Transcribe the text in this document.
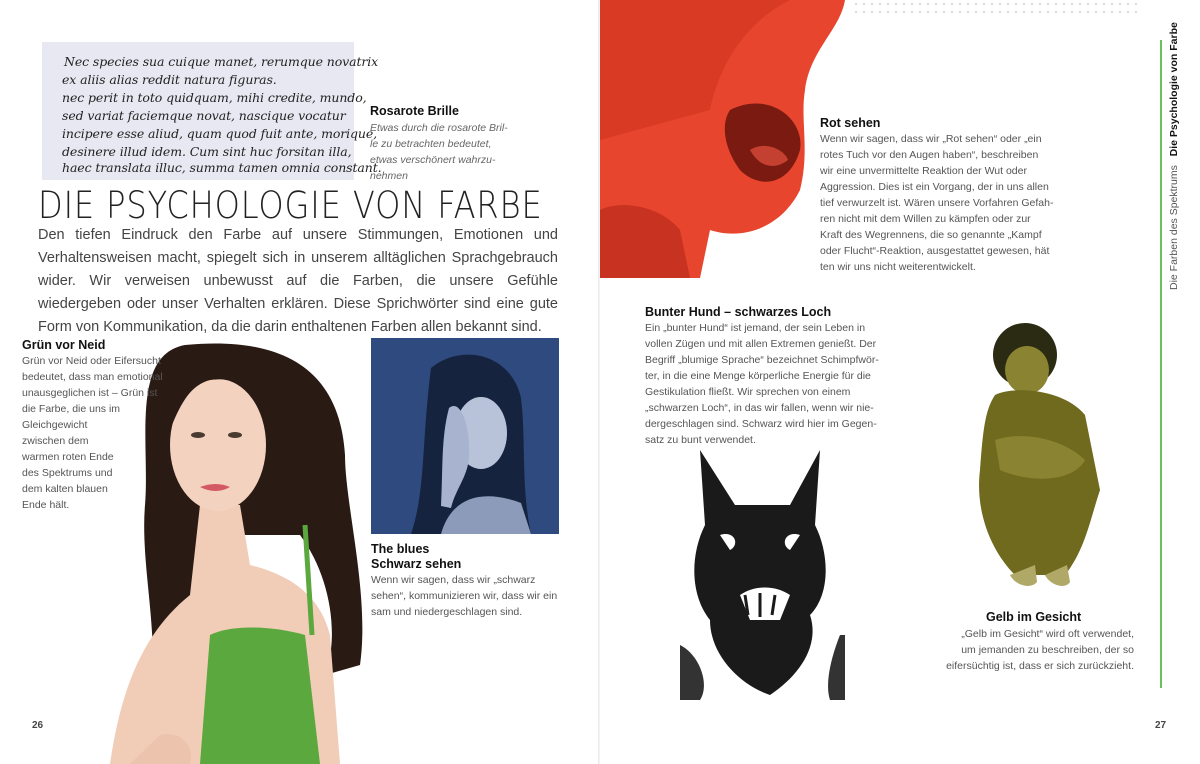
Nec species sua cuique manet, rerumque novatrix
ex aliis alias reddit natura figuras.
nec perit in toto quidquam, mihi credite, mundo,
sed variat faciemque novat, nascique vocatur
incipere esse aliud, quam quod fuit ante, morique,
desinere illud idem. Cum sint huc forsitan illa,
haec translata illuc, summa tamen omnia constant.
DIE PSYCHOLOGIE VON FARBE
Den tiefen Eindruck den Farbe auf unsere Stimmungen, Emotionen und Verhaltensweisen macht, spiegelt sich in unserem alltäglichen Sprachgebrauch wider. Wir verweisen unbewusst auf die Farben, die unsere Gefühle wiedergeben oder unser Verhalten erklären. Diese Sprichwörter sind eine gute Form von Kommunikation, da die darin enthaltenen Farben allen bekannt sind.
Rosarote Brille
Etwas durch die rosarote Bril-
le zu betrachten bedeutet,
etwas verschönert wahrzu-
nehmen
Grün vor Neid
Grün vor Neid oder Eifersucht
bedeutet, dass man emotional
unausgeglichen ist – Grün ist
die Farbe, die uns im
Gleichgewicht
zwischen dem
warmen roten Ende
des Spektrums und
dem kalten blauen
Ende hält.
The blues
Schwarz sehen
Wenn wir sagen, dass wir „schwarz
sehen“, kommunizieren wir, dass wir ein
sam und niedergeschlagen sind.
26
Rot sehen
Wenn wir sagen, dass wir „Rot sehen“ oder „ein
rotes Tuch vor den Augen haben“, beschreiben
wir eine unvermittelte Reaktion der Wut oder
Aggression. Dies ist ein Vorgang, der in uns allen
tief verwurzelt ist. Wären unsere Vorfahren Gefah-
ren nicht mit dem Willen zu kämpfen oder zur
Kraft des Wegrennens, die so genannte „Kampf
oder Flucht“-Reaktion, ausgestattet gewesen, hät
ten wir uns nicht weiterentwickelt.
Bunter Hund – schwarzes Loch
Ein „bunter Hund“ ist jemand, der sein Leben in
vollen Zügen und mit allen Extremen genießt. Der
Begriff „blumige Sprache“ bezeichnet Schimpfwör-
ter, in die eine Menge körperliche Energie für die
Gestikulation fließt. Wir sprechen von einem
„schwarzen Loch“, in das wir fallen, wenn wir nie-
dergeschlagen sind. Schwarz wird hier im Gegen-
satz zu bunt verwendet.
Gelb im Gesicht
„Gelb im Gesicht“ wird oft verwendet,
um jemanden zu beschreiben, der so
eifersüchtig ist, dass er sich zurückzieht.
27
Die Farben des Spektrums   Die Psychologie von Farbe
